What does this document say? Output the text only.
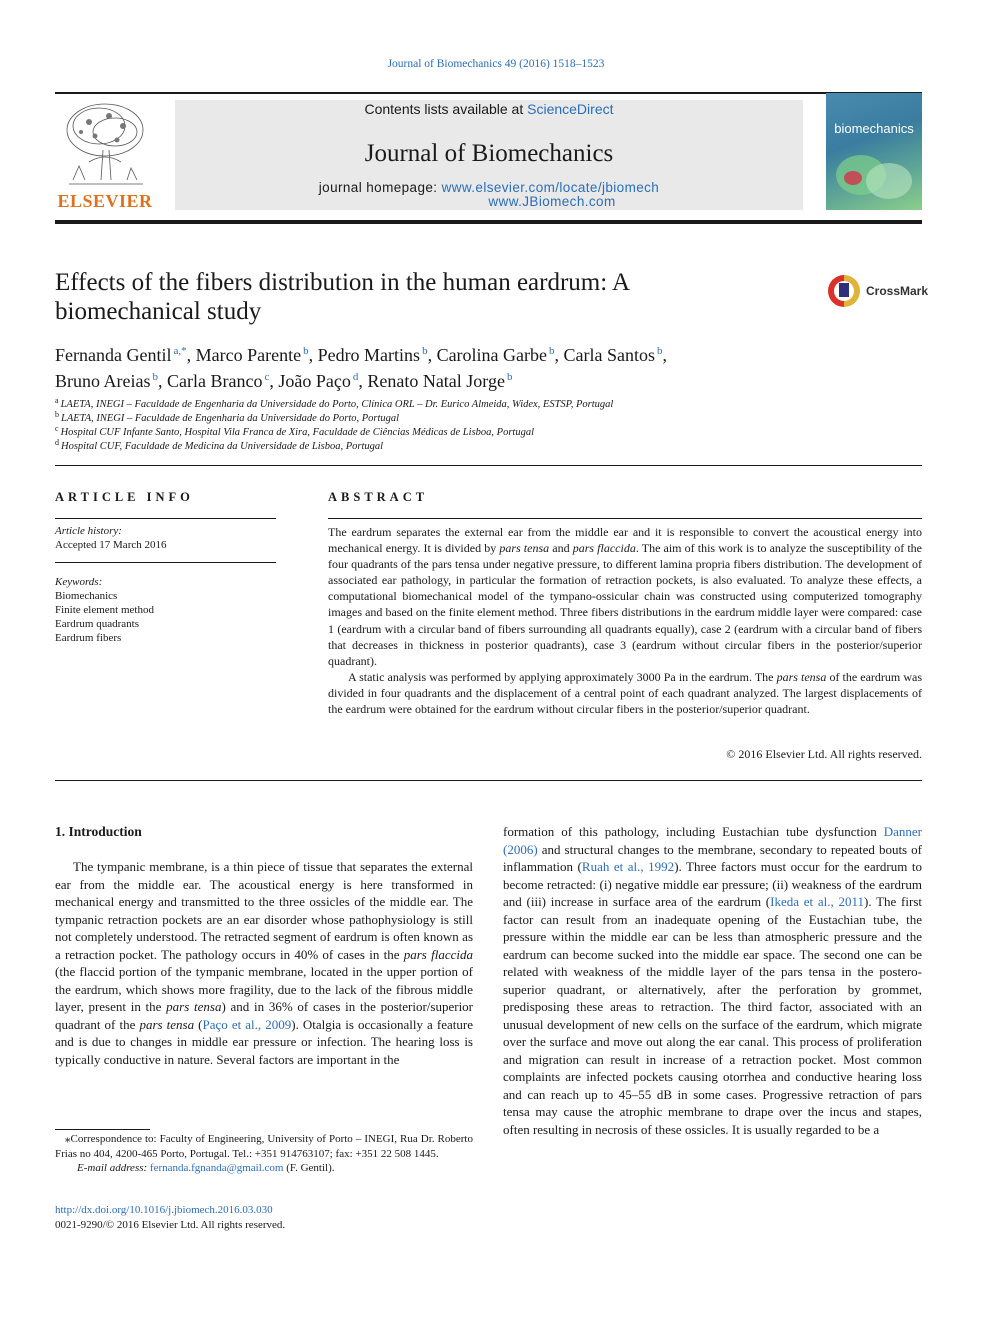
Journal of Biomechanics 49 (2016) 1518–1523
ELSEVIER
Contents lists available at ScienceDirect
Journal of Biomechanics
journal homepage: www.elsevier.com/locate/jbiomech
www.JBiomech.com
biomechanics
Effects of the fibers distribution in the human eardrum: A biomechanical study
CrossMark
Fernanda Gentil $^{a,*}$, Marco Parente $^b$, Pedro Martins $^b$, Carolina Garbe $^b$, Carla Santos $^b$,
Bruno Areias $^b$, Carla Branco $^c$, João Paço $^d$, Renato Natal Jorge $^b$
$^a$ LAETA, INEGI – Faculdade de Engenharia da Universidade do Porto, Clínica ORL – Dr. Eurico Almeida, Widex, ESTSP, Portugal
$^b$ LAETA, INEGI – Faculdade de Engenharia da Universidade do Porto, Portugal
$^c$ Hospital CUF Infante Santo, Hospital Vila Franca de Xira, Faculdade de Ciências Médicas de Lisboa, Portugal
$^d$ Hospital CUF, Faculdade de Medicina da Universidade de Lisboa, Portugal
ARTICLE INFO
Article history:
Accepted 17 March 2016
Keywords:
Biomechanics
Finite element method
Eardrum quadrants
Eardrum fibers
ABSTRACT

The eardrum separates the external ear from the middle ear and it is responsible to convert the acoustical energy into mechanical energy. It is divided by pars tensa and pars flaccida. The aim of this work is to analyze the susceptibility of the four quadrants of the pars tensa under negative pressure, to different lamina propria fibers distribution. The development of associated ear pathology, in particular the formation of retraction pockets, is also evaluated. To analyze these effects, a computational biomechanical model of the tympano-ossicular chain was constructed using computerized tomography images and based on the finite element method. Three fibers distributions in the eardrum middle layer were compared: case 1 (eardrum with a circular band of fibers surrounding all quadrants equally), case 2 (eardrum with a circular band of fibers that decreases in thickness in posterior quadrants), case 3 (eardrum without circular fibers in the posterior/superior quadrant).

A static analysis was performed by applying approximately 3000 Pa in the eardrum. The pars tensa of the eardrum was divided in four quadrants and the displacement of a central point of each quadrant analyzed. The largest displacements of the eardrum were obtained for the eardrum without circular fibers in the posterior/superior quadrant.

© 2016 Elsevier Ltd. All rights reserved.
1. Introduction

The tympanic membrane, is a thin piece of tissue that separates the external ear from the middle ear. The acoustical energy is here transformed in mechanical energy and transmitted to the three ossicles of the middle ear. The tympanic retraction pockets are an ear disorder whose pathophysiology is still not completely understood. The retracted segment of eardrum is often known as a retraction pocket. The pathology occurs in 40% of cases in the pars flaccida (the flaccid portion of the tympanic membrane, located in the upper portion of the eardrum, which shows more fragility, due to the lack of the fibrous middle layer, present in the pars tensa) and in 36% of cases in the posterior/superior quadrant of the pars tensa (Paço et al., 2009). Otalgia is occasionally a feature and is due to changes in middle ear pressure or infection. The hearing loss is typically conductive in nature. Several factors are important in the

formation of this pathology, including Eustachian tube dysfunction Danner (2006) and structural changes to the membrane, secondary to repeated bouts of inflammation (Ruah et al., 1992). Three factors must occur for the eardrum to become retracted: (i) negative middle ear pressure; (ii) weakness of the eardrum and (iii) increase in surface area of the eardrum (Ikeda et al., 2011). The first factor can result from an inadequate opening of the Eustachian tube, the pressure within the middle ear can be less than atmospheric pressure and the eardrum can become sucked into the middle ear space. The second one can be related with weakness of the middle layer of the pars tensa in the postero-superior quadrant, or alternatively, after the perforation by grommet, predisposing these areas to retraction. The third factor, associated with an unusual development of new cells on the surface of the eardrum, which migrate over the surface and move out along the ear canal. This process of proliferation and migration can result in increase of a retraction pocket. Most common complaints are infected pockets causing otorrhea and conductive hearing loss and can reach up to 45–55 dB in some cases. Progressive retraction of pars tensa may cause the atrophic membrane to drape over the incus and stapes, often resulting in necrosis of these ossicles. It is usually regarded to be a

⁎Correspondence to: Faculty of Engineering, University of Porto – INEGI, Rua Dr. Roberto Frias no 404, 4200-465 Porto, Portugal. Tel.: +351 914763107; fax: +351 22 508 1445.
E-mail address: fernanda.fgnanda@gmail.com (F. Gentil).
http://dx.doi.org/10.1016/j.jbiomech.2016.03.030
0021-9290/© 2016 Elsevier Ltd. All rights reserved.
